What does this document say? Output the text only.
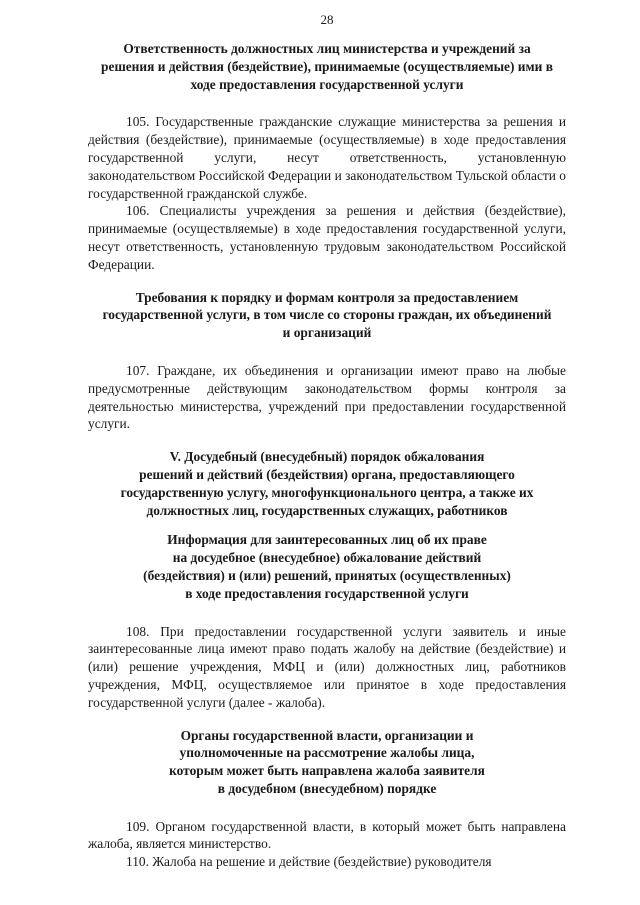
28
Ответственность должностных лиц министерства и учреждений за
решения и действия (бездействие), принимаемые (осуществляемые) ими в
ходе предоставления государственной услуги

105. Государственные гражданские служащие министерства за решения и действия (бездействие), принимаемые (осуществляемые) в ходе предоставления государственной услуги, несут ответственность, установленную законодательством Российской Федерации и законодательством Тульской области о государственной гражданской службе.

106. Специалисты учреждения за решения и действия (бездействие), принимаемые (осуществляемые) в ходе предоставления государственной услуги, несут ответственность, установленную трудовым законодательством Российской Федерации.

Требования к порядку и формам контроля за предоставлением
государственной услуги, в том числе со стороны граждан, их объединений
и организаций

107. Граждане, их объединения и организации имеют право на любые предусмотренные действующим законодательством формы контроля за деятельностью министерства, учреждений при предоставлении государственной услуги.

V. Досудебный (внесудебный) порядок обжалования
решений и действий (бездействия) органа, предоставляющего
государственную услугу, многофункционального центра, а также их
должностных лиц, государственных служащих, работников
Информация для заинтересованных лиц об их праве
на досудебное (внесудебное) обжалование действий
(бездействия) и (или) решений, принятых (осуществленных)
в ходе предоставления государственной услуги

108. При предоставлении государственной услуги заявитель и иные заинтересованные лица имеют право подать жалобу на действие (бездействие) и (или) решение учреждения, МФЦ и (или) должностных лиц, работников учреждения, МФЦ, осуществляемое или принятое в ходе предоставления государственной услуги (далее - жалоба).

Органы государственной власти, организации и
уполномоченные на рассмотрение жалобы лица,
которым может быть направлена жалоба заявителя
в досудебном (внесудебном) порядке

109. Органом государственной власти, в который может быть направлена жалоба, является министерство.

110. Жалоба на решение и действие (бездействие) руководителя
